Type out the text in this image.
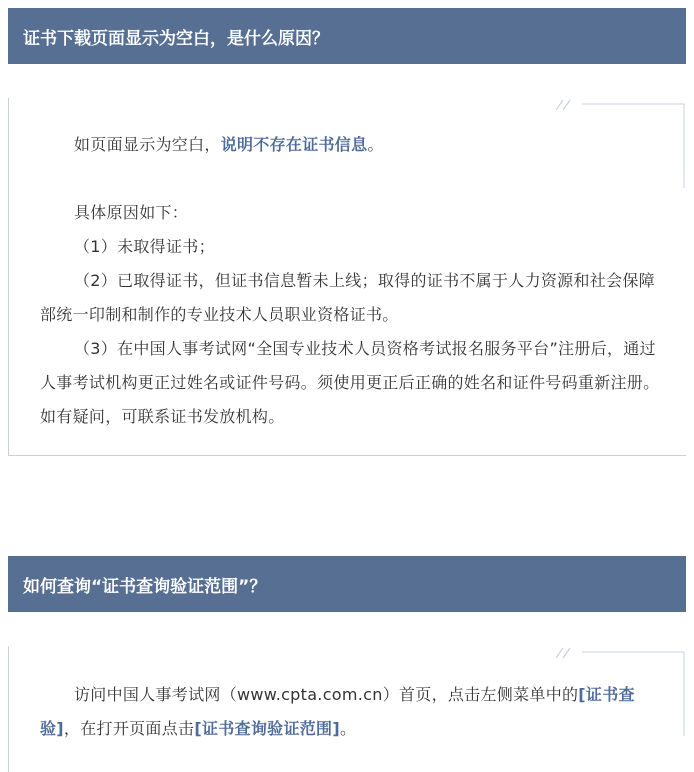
证书下载页面显示为空白，是什么原因？

如页面显示为空白，说明不存在证书信息。

具体原因如下：

（1）未取得证书；

（2）已取得证书，但证书信息暂未上线；取得的证书不属于人力资源和社会保障部统一印制和制作的专业技术人员职业资格证书。

（3）在中国人事考试网“全国专业技术人员资格考试报名服务平台”注册后，通过人事考试机构更正过姓名或证件号码。须使用更正后正确的姓名和证件号码重新注册。如有疑问，可联系证书发放机构。

如何查询“证书查询验证范围”？

访问中国人事考试网（www.cpta.com.cn）首页，点击左侧菜单中的[证书查验]，在打开页面点击[证书查询验证范围]。
